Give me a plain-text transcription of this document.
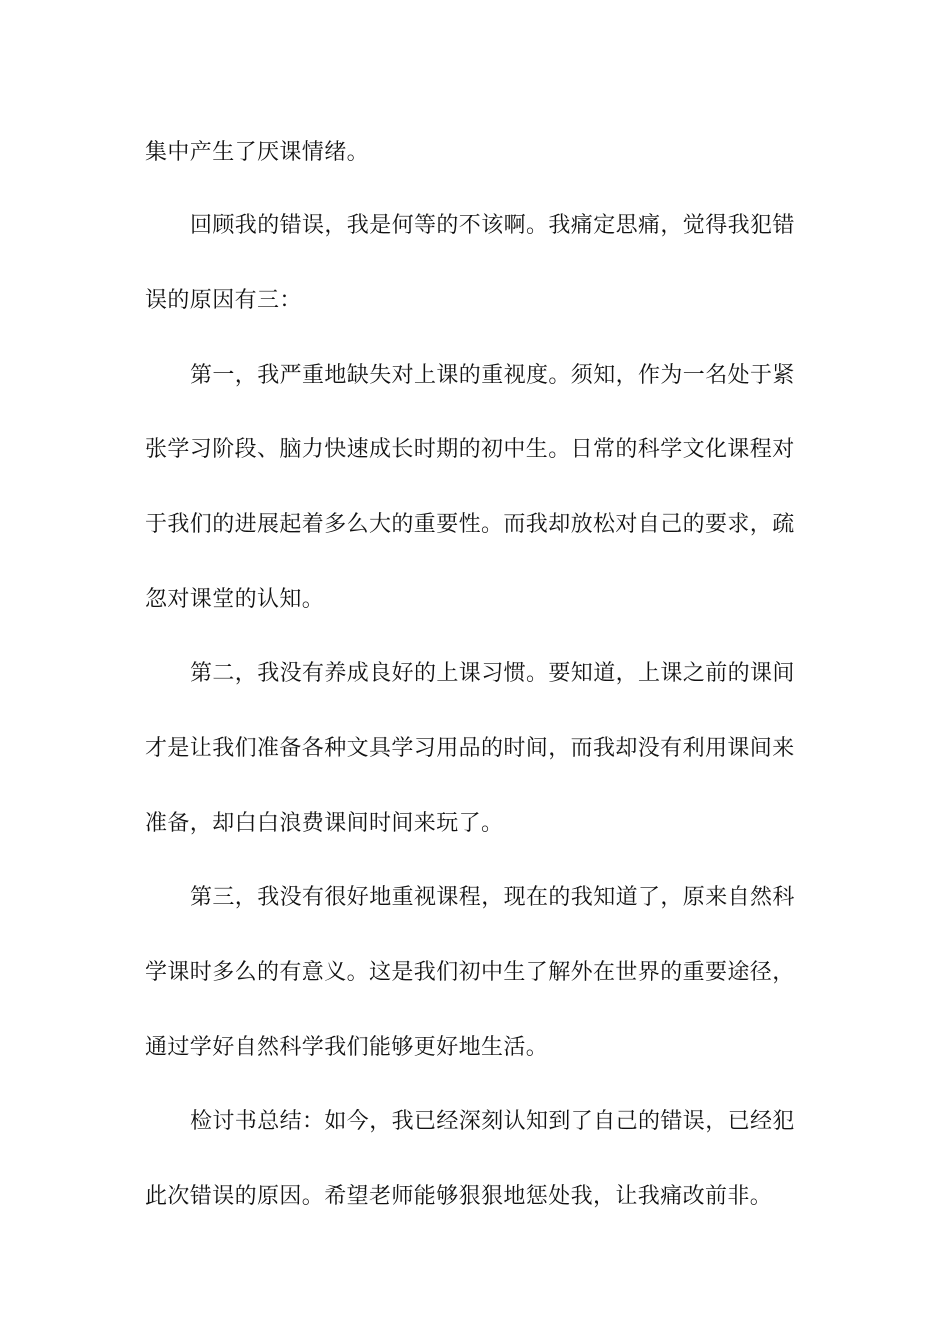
集中产生了厌课情绪。
回顾我的错误，我是何等的不该啊。我痛定思痛，觉得我犯错
误的原因有三：
第一，我严重地缺失对上课的重视度。须知，作为一名处于紧
张学习阶段、脑力快速成长时期的初中生。日常的科学文化课程对
于我们的进展起着多么大的重要性。而我却放松对自己的要求，疏
忽对课堂的认知。
第二，我没有养成良好的上课习惯。要知道，上课之前的课间
才是让我们准备各种文具学习用品的时间，而我却没有利用课间来
准备，却白白浪费课间时间来玩了。
第三，我没有很好地重视课程，现在的我知道了，原来自然科
学课时多么的有意义。这是我们初中生了解外在世界的重要途径，
通过学好自然科学我们能够更好地生活。
检讨书总结：如今，我已经深刻认知到了自己的错误，已经犯
此次错误的原因。希望老师能够狠狠地惩处我，让我痛改前非。
